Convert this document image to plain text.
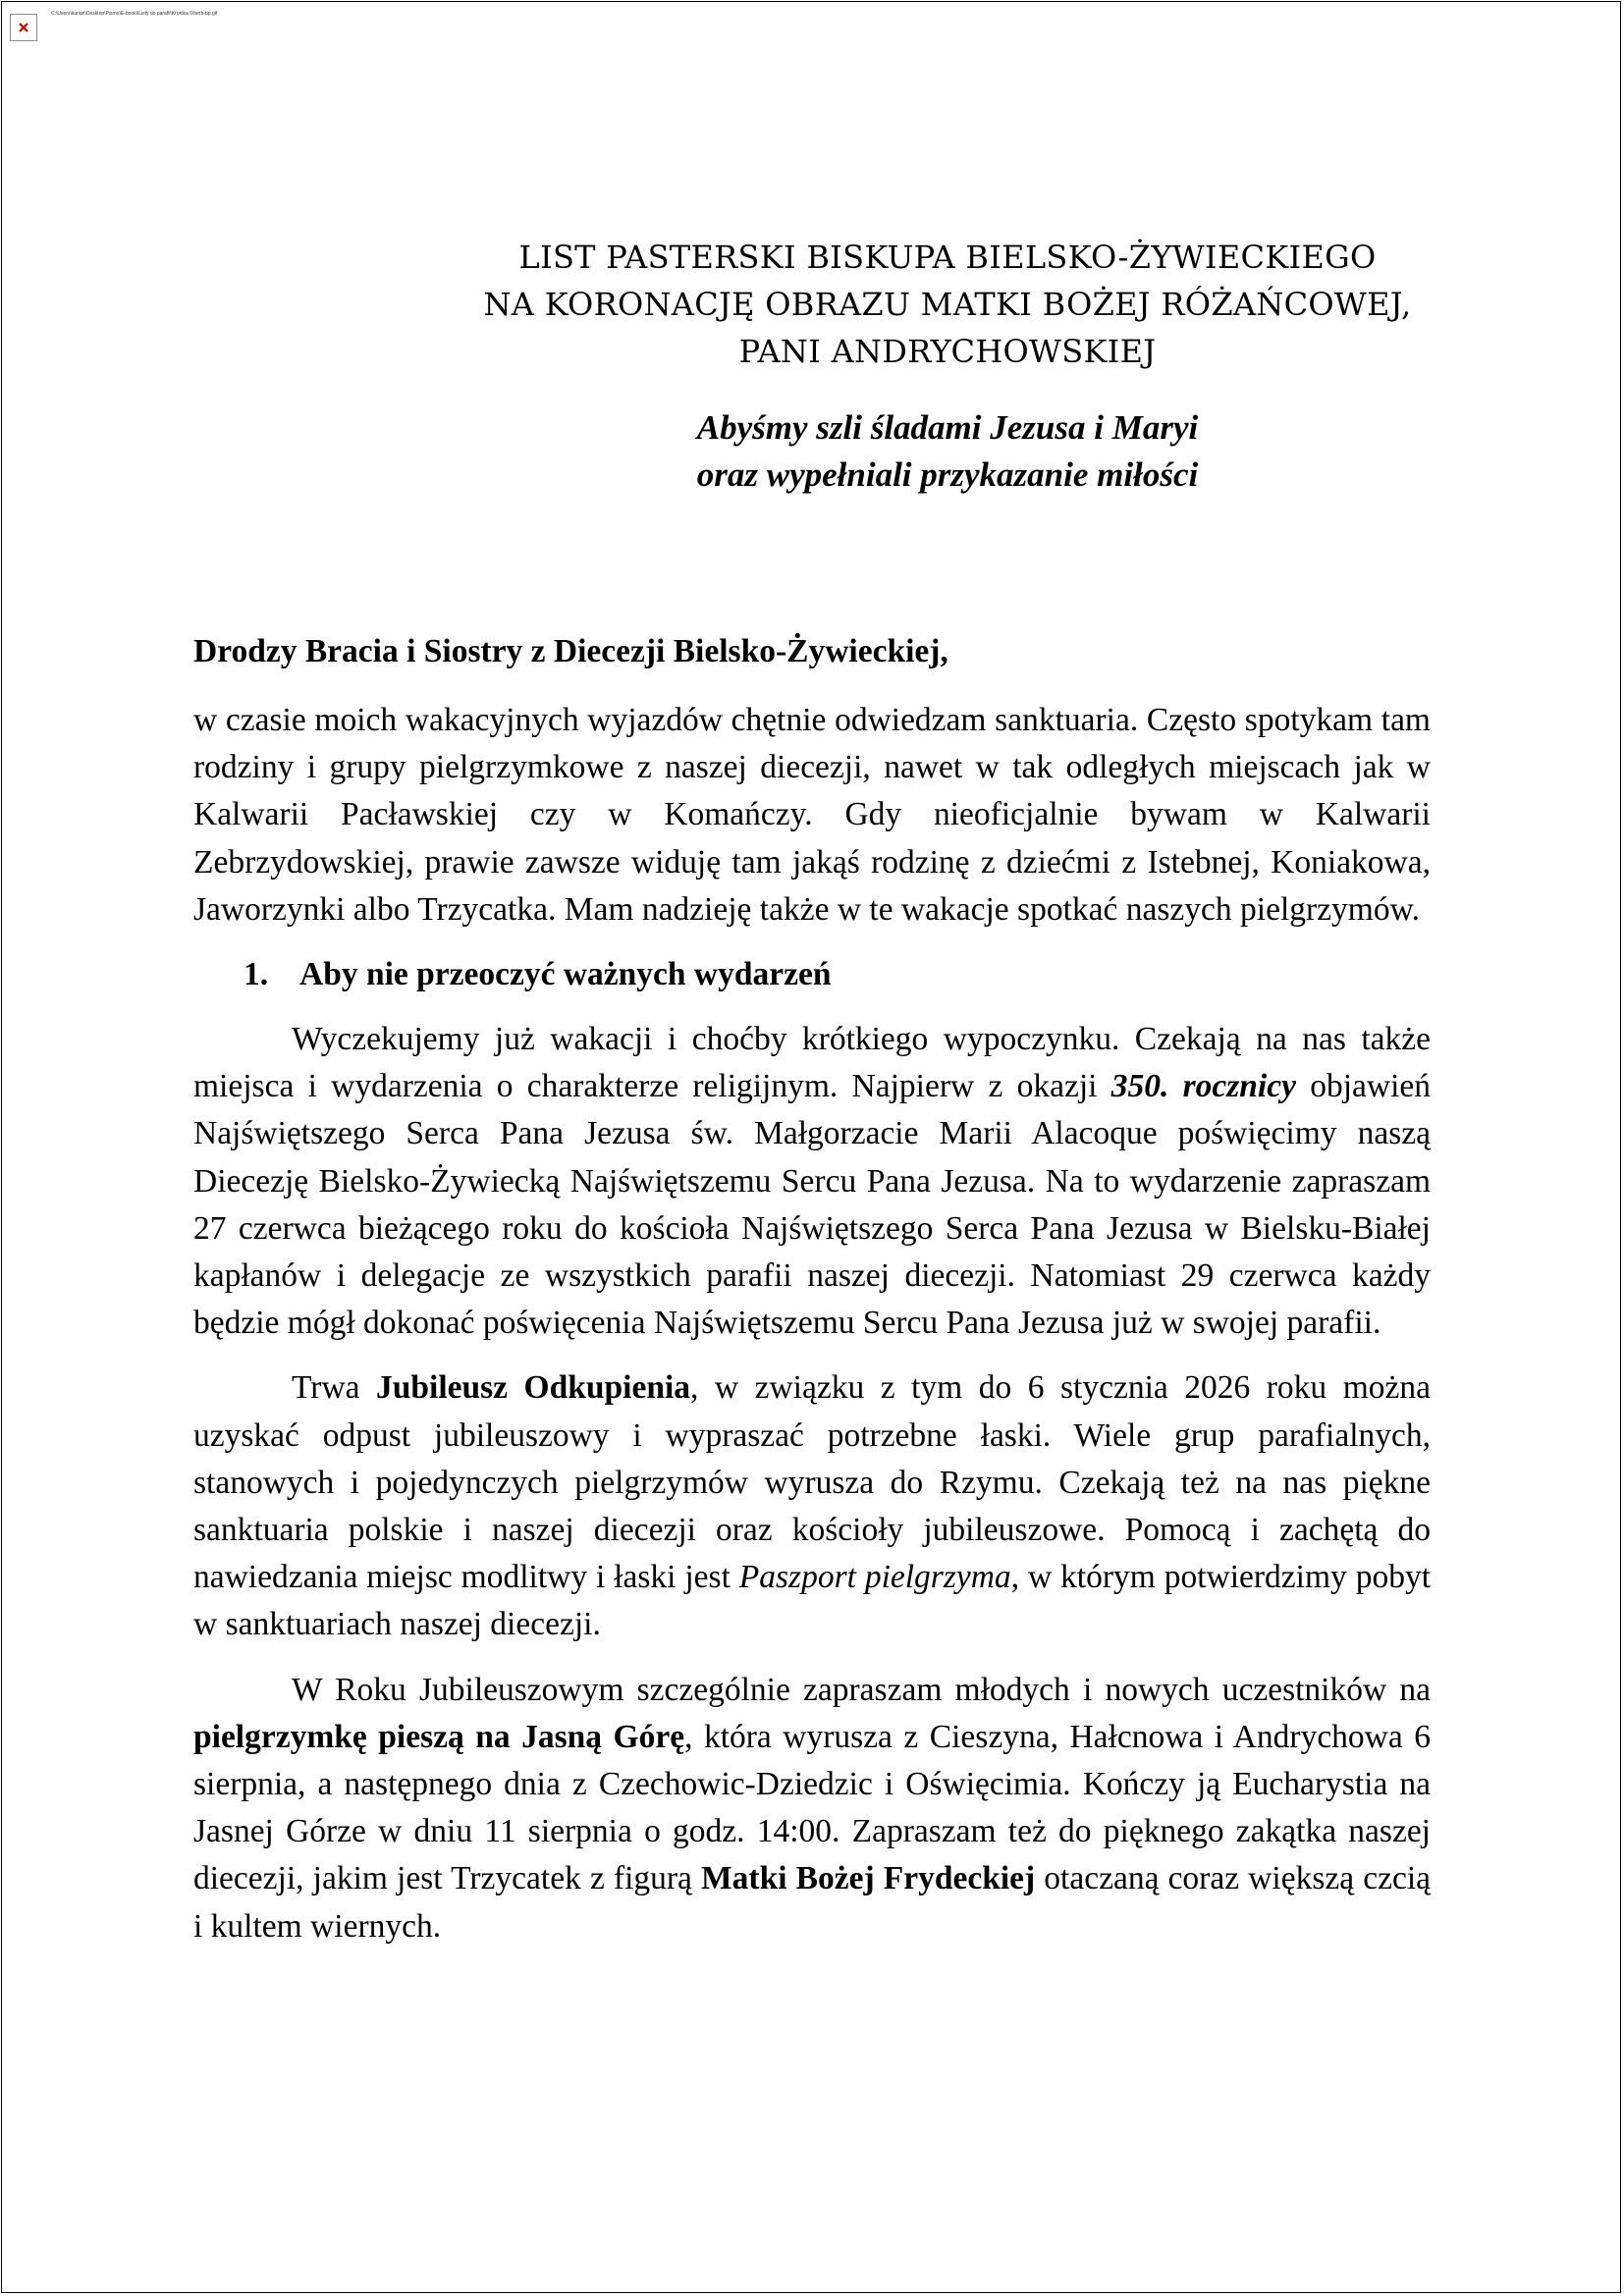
C:\Users\kurian\Desktop\Pismo\E-booki\Listy do parafii\Kronika 6\herb-bp.gif
LIST PASTERSKI BISKUPA BIELSKO-ŻYWIECKIEGO
NA KORONACJĘ OBRAZU MATKI BOŻEJ RÓŻAŃCOWEJ,
PANI ANDRYCHOWSKIEJ
Abyśmy szli śladami Jezusa i Maryi
oraz wypełniali przykazanie miłości
Drodzy Bracia i Siostry z Diecezji Bielsko-Żywieckiej,

w czasie moich wakacyjnych wyjazdów chętnie odwiedzam sanktuaria. Często spotykam tam rodziny i grupy pielgrzymkowe z naszej diecezji, nawet w tak odległych miejscach jak w Kalwarii Pacławskiej czy w Komańczy. Gdy nieoficjalnie bywam w Kalwarii Zebrzydowskiej, prawie zawsze widuję tam jakąś rodzinę z dziećmi z Istebnej, Koniakowa, Jaworzynki albo Trzycatka. Mam nadzieję także w te wakacje spotkać naszych pielgrzymów.

1. Aby nie przeoczyć ważnych wydarzeń

Wyczekujemy już wakacji i choćby krótkiego wypoczynku. Czekają na nas także miejsca i wydarzenia o charakterze religijnym. Najpierw z okazji 350. rocznicy objawień Najświętszego Serca Pana Jezusa św. Małgorzacie Marii Alacoque poświęcimy naszą Diecezję Bielsko-Żywiecką Najświętszemu Sercu Pana Jezusa. Na to wydarzenie zapraszam 27 czerwca bieżącego roku do kościoła Najświętszego Serca Pana Jezusa w Bielsku-Białej kapłanów i delegacje ze wszystkich parafii naszej diecezji. Natomiast 29 czerwca każdy będzie mógł dokonać poświęcenia Najświętszemu Sercu Pana Jezusa już w swojej parafii.

Trwa Jubileusz Odkupienia, w związku z tym do 6 stycznia 2026 roku można uzyskać odpust jubileuszowy i wypraszać potrzebne łaski. Wiele grup parafialnych, stanowych i pojedynczych pielgrzymów wyrusza do Rzymu. Czekają też na nas piękne sanktuaria polskie i naszej diecezji oraz kościoły jubileuszowe. Pomocą i zachętą do nawiedzania miejsc modlitwy i łaski jest Paszport pielgrzyma, w którym potwierdzimy pobyt w sanktuariach naszej diecezji.

W Roku Jubileuszowym szczególnie zapraszam młodych i nowych uczestników na pielgrzymkę pieszą na Jasną Górę, która wyrusza z Cieszyna, Hałcnowa i Andrychowa 6 sierpnia, a następnego dnia z Czechowic-Dziedzic i Oświęcimia. Kończy ją Eucharystia na Jasnej Górze w dniu 11 sierpnia o godz. 14:00. Zapraszam też do pięknego zakątka naszej diecezji, jakim jest Trzycatek z figurą Matki Bożej Frydeckiej otaczaną coraz większą czcią i kultem wiernych.
